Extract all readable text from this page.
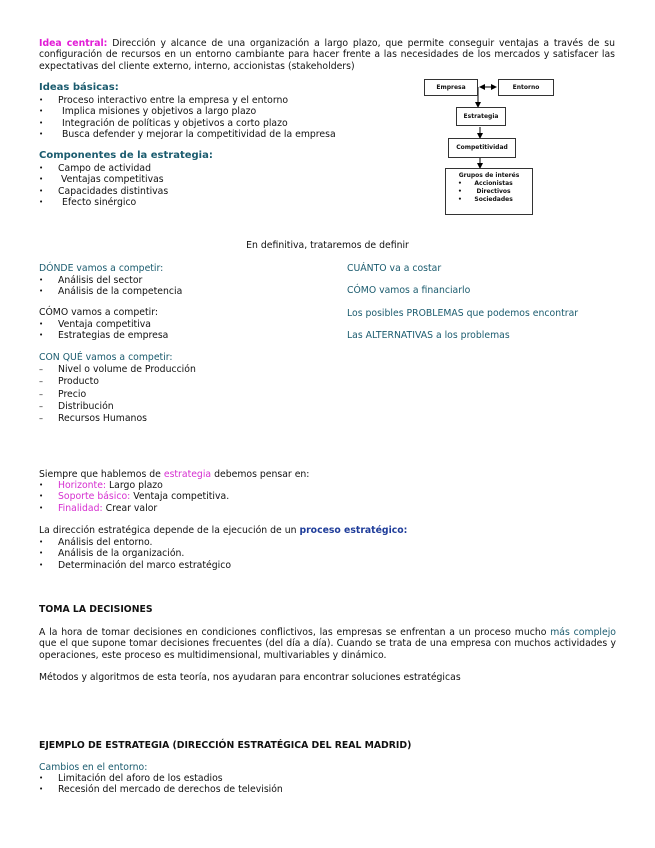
Idea central: Dirección y alcance de una organización a largo plazo, que permite conseguir ventajas a través de su configuración de recursos en un entorno cambiante para hacer frente a las necesidades de los mercados y satisfacer las expectativas del cliente externo, interno, accionistas (stakeholders)
Ideas básicas:
• Proceso interactivo entre la empresa y el entorno
• Implica misiones y objetivos a largo plazo
• Integración de políticas y objetivos a corto plazo
• Busca defender y mejorar la competitividad de la empresa
Componentes de la estrategia:
• Campo de actividad
• Ventajas competitivas
• Capacidades distintivas
• Efecto sinérgico
Empresa	Entorno
Estrategia
Competitividad
Grupos de interés
•      Accionistas
•       Directivos
•      Sociedades
En definitiva, trataremos de definir
DÓNDE vamos a competir:
• Análisis del sector
• Análisis de la competencia
CÓMO vamos a competir:
• Ventaja competitiva
• Estrategias de empresa
CON QUÉ vamos a competir:
– Nivel o volume de Producción
– Producto
– Precio
– Distribución
– Recursos Humanos
CUÁNTO va a costar
CÓMO vamos a financiarlo
Los posibles PROBLEMAS que podemos encontrar
Las ALTERNATIVAS a los problemas
Siempre que hablemos de estrategia debemos pensar en:
• Horizonte: Largo plazo
• Soporte básico: Ventaja competitiva.
• Finalidad: Crear valor
La dirección estratégica depende de la ejecución de un proceso estratégico:
• Análisis del entorno.
• Análisis de la organización.
• Determinación del marco estratégico
TOMA LA DECISIONES
A la hora de tomar decisiones en condiciones conflictivos, las empresas se enfrentan a un proceso mucho más complejo que el que supone tomar decisiones frecuentes (del día a día). Cuando se trata de una empresa con muchos actividades y operaciones, este proceso es multidimensional, multivariables y dinámico.
Métodos y algoritmos de esta teoría, nos ayudaran para encontrar soluciones estratégicas
EJEMPLO DE ESTRATEGIA (DIRECCIÓN ESTRATÉGICA DEL REAL MADRID)
Cambios en el entorno:
• Limitación del aforo de los estadios
• Recesión del mercado de derechos de televisión
